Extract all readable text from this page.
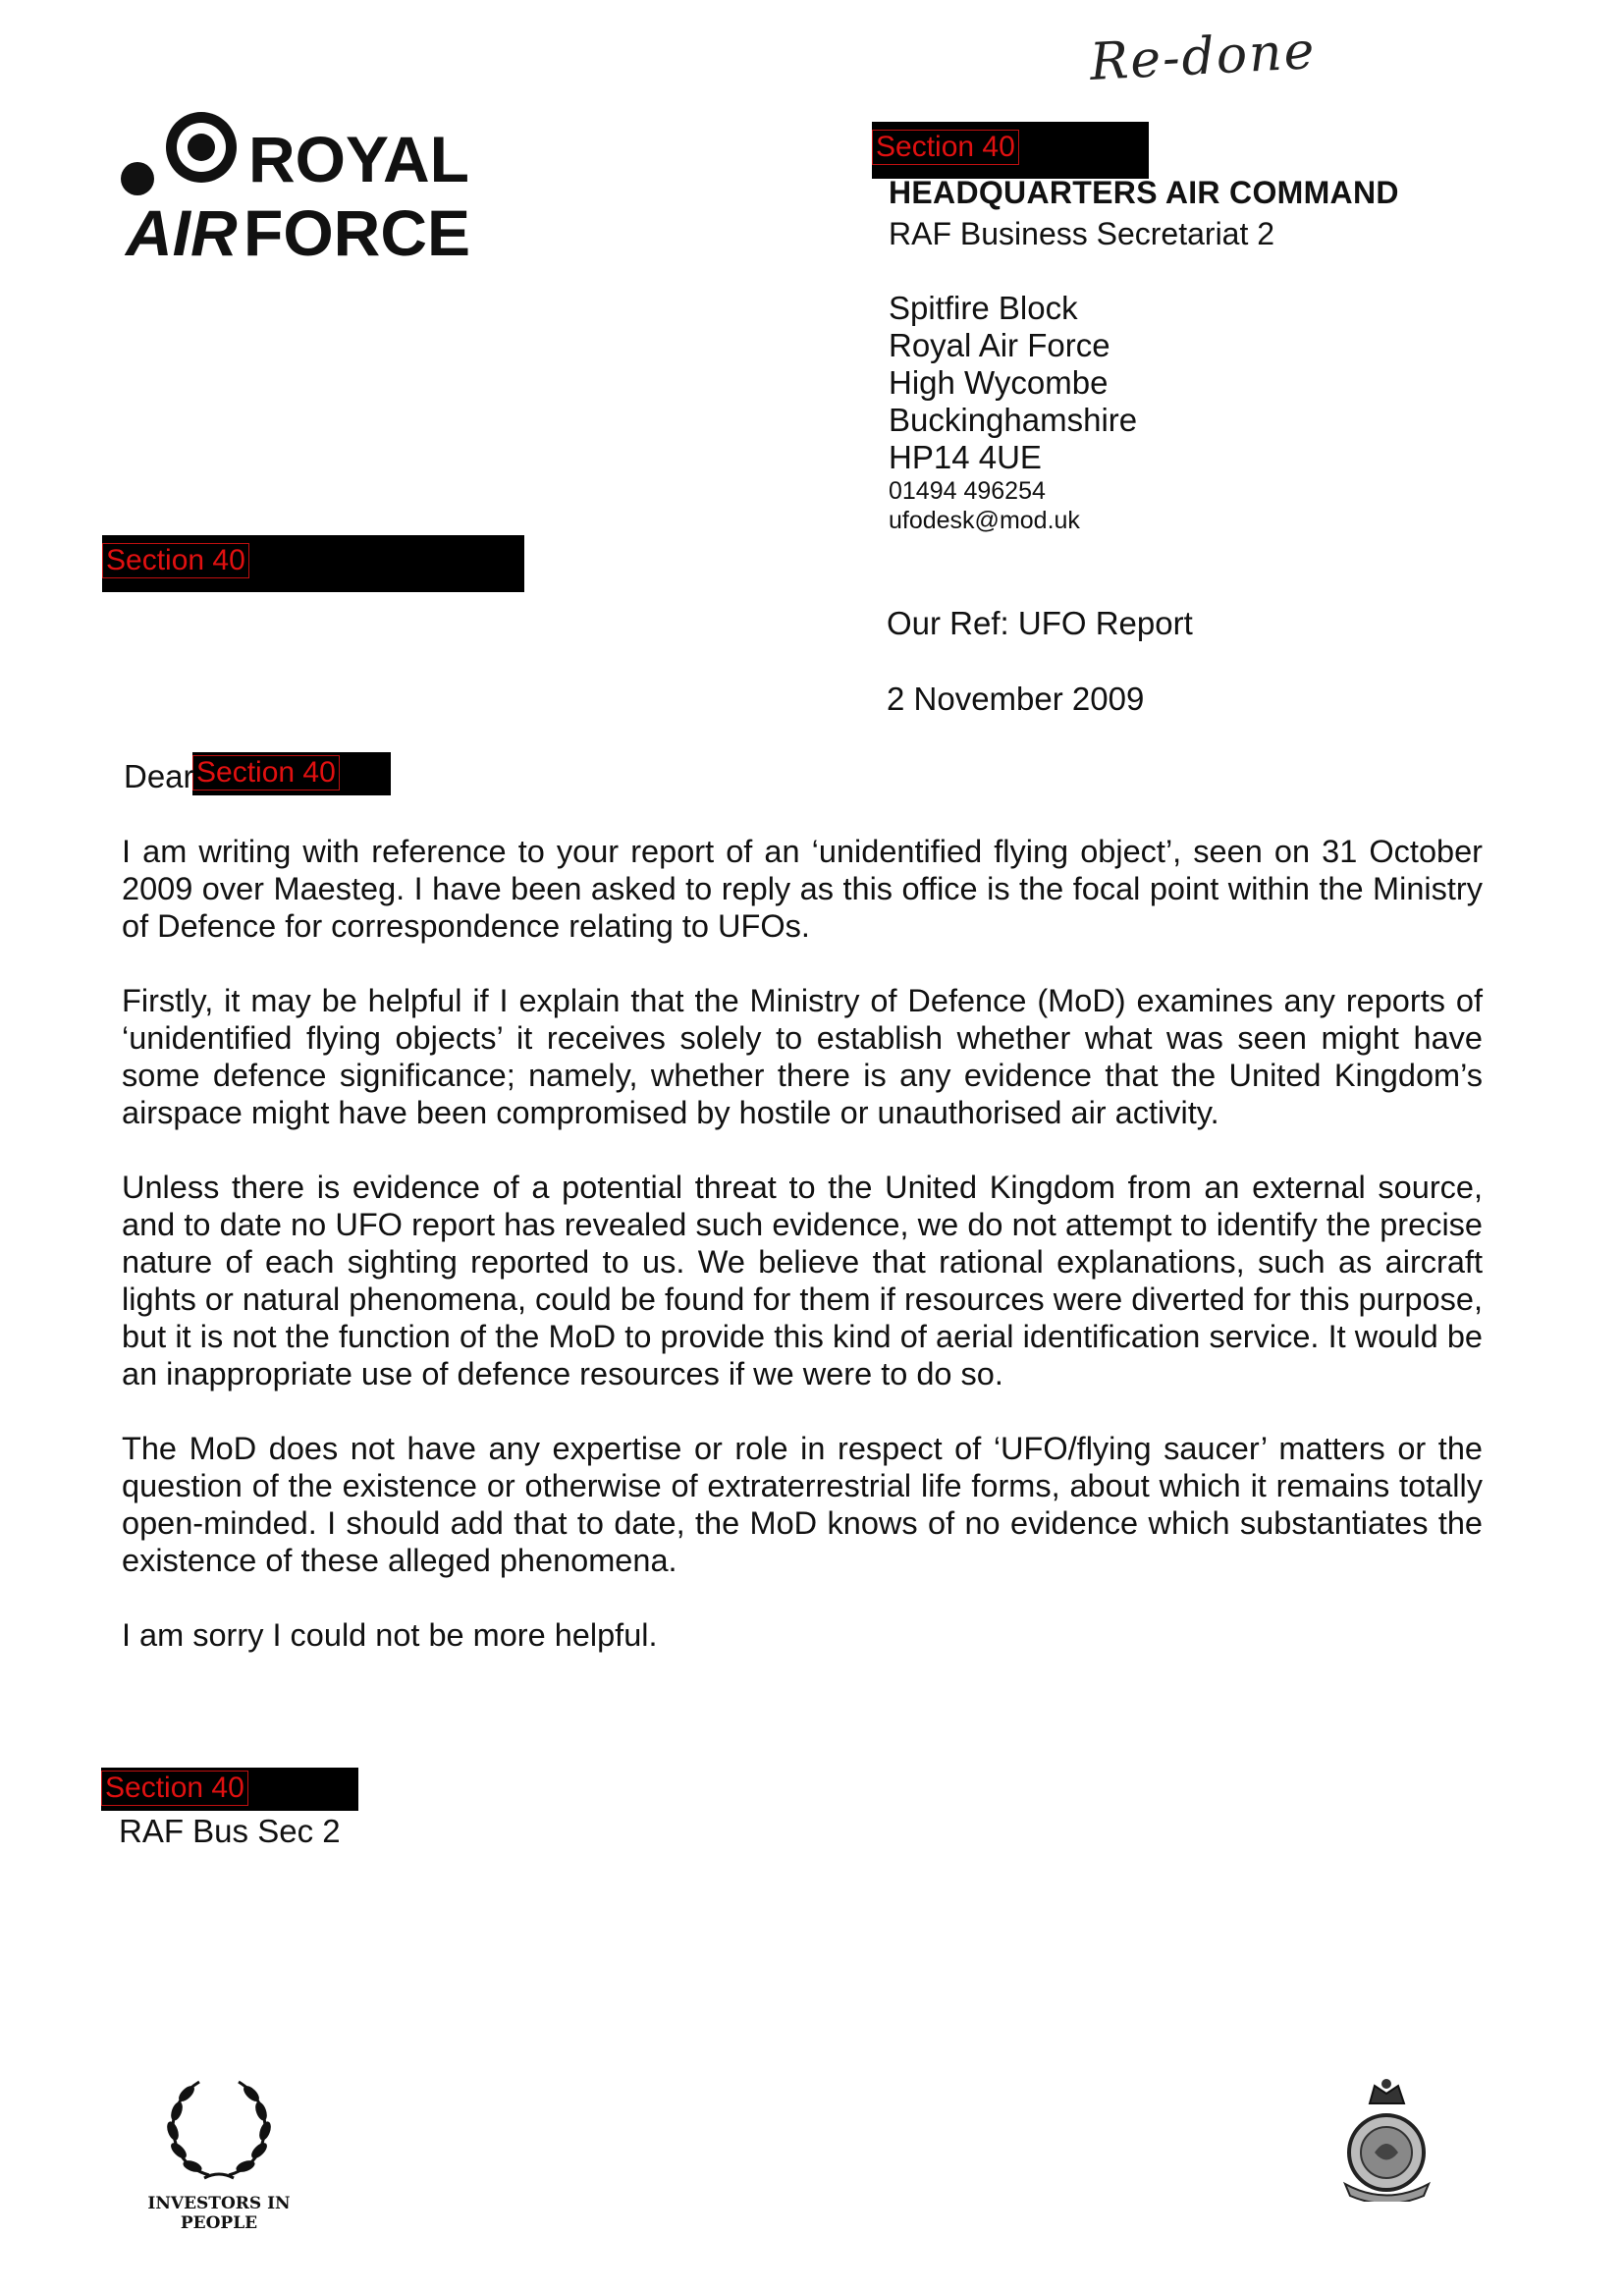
Re-done
ROYAL
AIR FORCE
Section 40
Section 40
Section 40
Section 40
HEADQUARTERS AIR COMMAND
RAF Business Secretariat 2
Spitfire Block
Royal Air Force
High Wycombe
Buckinghamshire
HP14 4UE
01494 496254
ufodesk@mod.uk
Our Ref: UFO Report
2 November 2009
Dear

I am writing with reference to your report of an ‘unidentified flying object’, seen on 31 October 2009 over Maesteg. I have been asked to reply as this office is the focal point within the Ministry of Defence for correspondence relating to UFOs.

Firstly, it may be helpful if I explain that the Ministry of Defence (MoD) examines any reports of ‘unidentified flying objects’ it receives solely to establish whether what was seen might have some defence significance; namely, whether there is any evidence that the United Kingdom’s airspace might have been compromised by hostile or unauthorised air activity.

Unless there is evidence of a potential threat to the United Kingdom from an external source, and to date no UFO report has revealed such evidence, we do not attempt to identify the precise nature of each sighting reported to us. We believe that rational explanations, such as aircraft lights or natural phenomena, could be found for them if resources were diverted for this purpose, but it is not the function of the MoD to provide this kind of aerial identification service. It would be an inappropriate use of defence resources if we were to do so.

The MoD does not have any expertise or role in respect of ‘UFO/flying saucer’ matters or the question of the existence or otherwise of extraterrestrial life forms, about which it remains totally open-minded. I should add that to date, the MoD knows of no evidence which substantiates the existence of these alleged phenomena.

I am sorry I could not be more helpful.

RAF Bus Sec 2
INVESTORS IN PEOPLE
